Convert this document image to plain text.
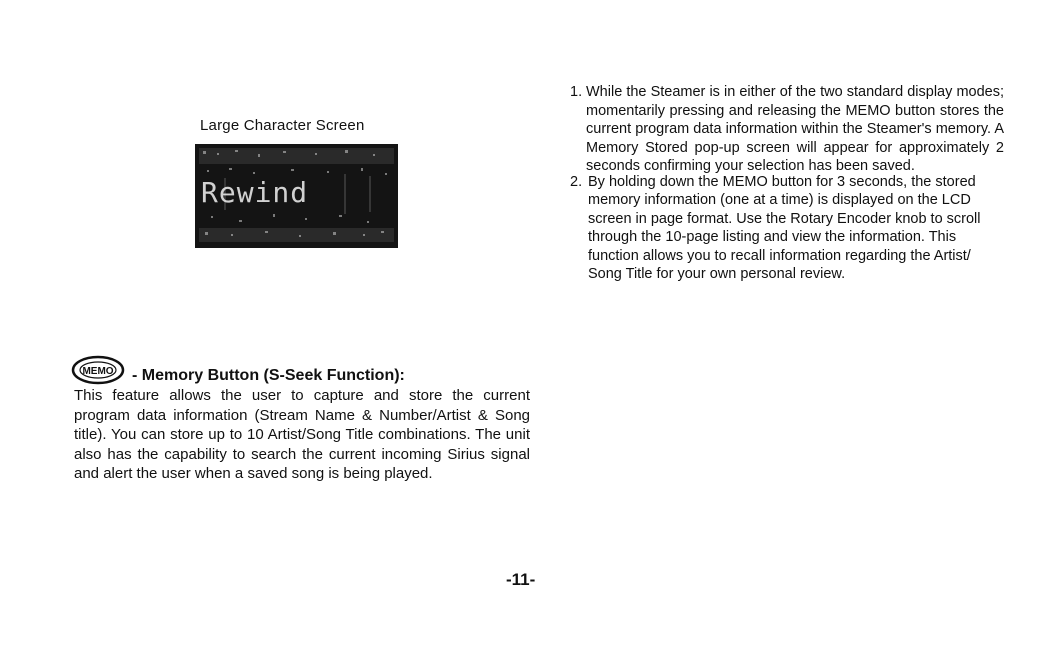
Large Character Screen
Rewind
MEMO - Memory Button (S-Seek Function):
This feature allows the user to capture and store the current program data information (Stream Name & Number/Artist & Song title). You can store up to 10 Artist/Song Title combinations. The unit also has the capability to search the current incoming Sirius signal and alert the user when a saved song is being played.

1. While the Steamer is in either of the two standard display modes; momentarily pressing and releasing the MEMO button stores the current program data information within the Steamer's memory. A Memory Stored pop-up screen will appear for approximately 2 seconds confirming your selection has been saved.

2. By holding down the MEMO button for 3 seconds, the stored memory information (one at a time) is displayed on the LCD screen in page format. Use the Rotary Encoder knob to scroll through the 10-page listing and view the information. This function allows you to recall information regarding the Artist/ Song Title for your own personal review.

-11-
